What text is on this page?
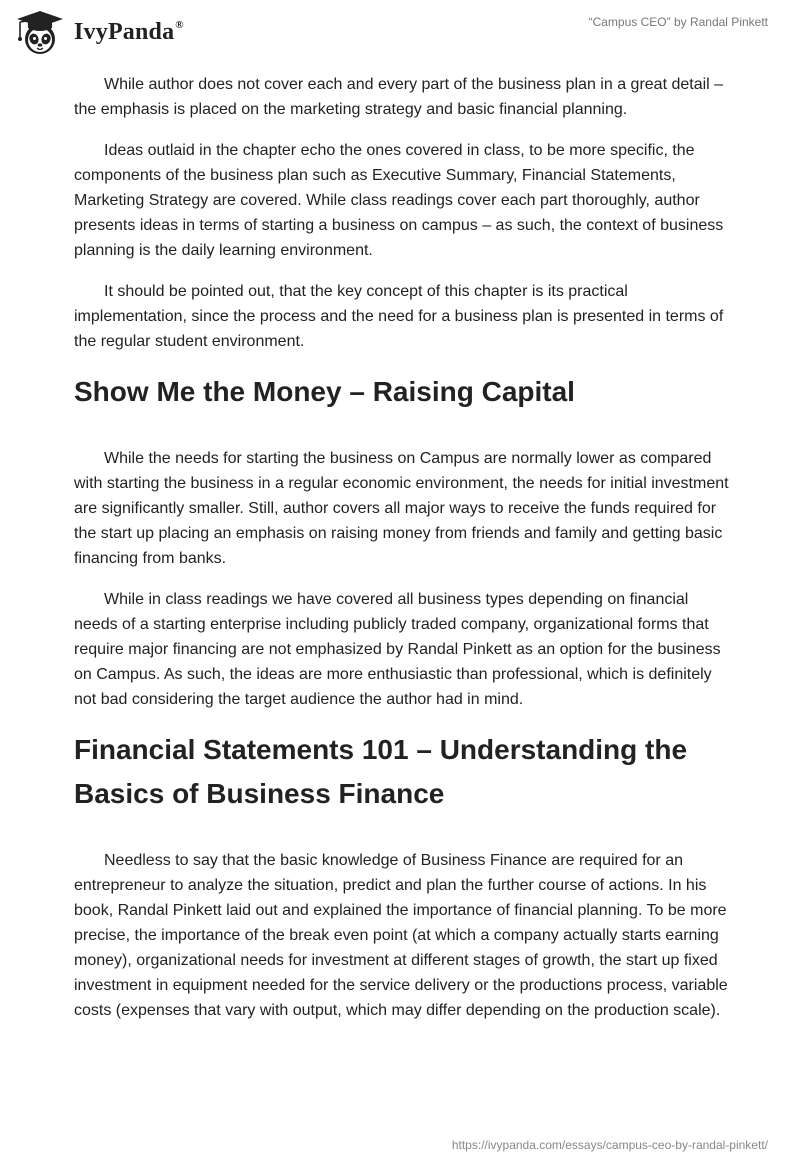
IvyPanda®	“Campus CEO” by Randal Pinkett

While author does not cover each and every part of the business plan in a great detail – the emphasis is placed on the marketing strategy and basic financial planning.

Ideas outlaid in the chapter echo the ones covered in class, to be more specific, the components of the business plan such as Executive Summary, Financial Statements, Marketing Strategy are covered. While class readings cover each part thoroughly, author presents ideas in terms of starting a business on campus – as such, the context of business planning is the daily learning environment.

It should be pointed out, that the key concept of this chapter is its practical implementation, since the process and the need for a business plan is presented in terms of the regular student environment.

Show Me the Money – Raising Capital

While the needs for starting the business on Campus are normally lower as compared with starting the business in a regular economic environment, the needs for initial investment are significantly smaller. Still, author covers all major ways to receive the funds required for the start up placing an emphasis on raising money from friends and family and getting basic financing from banks.

While in class readings we have covered all business types depending on financial needs of a starting enterprise including publicly traded company, organizational forms that require major financing are not emphasized by Randal Pinkett as an option for the business on Campus. As such, the ideas are more enthusiastic than professional, which is definitely not bad considering the target audience the author had in mind.

Financial Statements 101 – Understanding the Basics of Business Finance

Needless to say that the basic knowledge of Business Finance are required for an entrepreneur to analyze the situation, predict and plan the further course of actions. In his book, Randal Pinkett laid out and explained the importance of financial planning. To be more precise, the importance of the break even point (at which a company actually starts earning money), organizational needs for investment at different stages of growth, the start up fixed investment in equipment needed for the service delivery or the productions process, variable costs (expenses that vary with output, which may differ depending on the production scale).

https://ivypanda.com/essays/campus-ceo-by-randal-pinkett/
